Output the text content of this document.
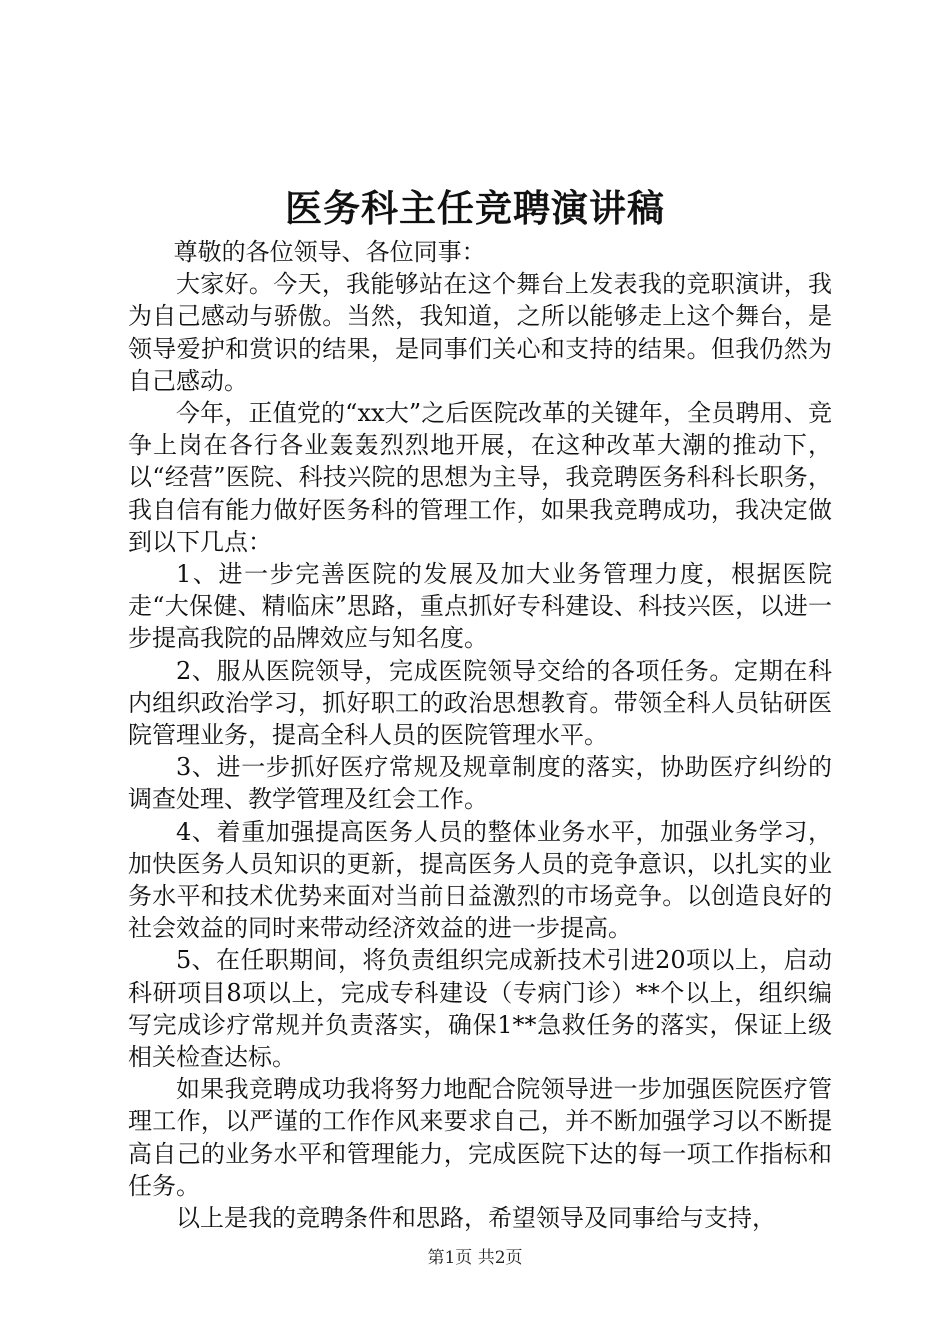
医务科主任竞聘演讲稿

尊敬的各位领导、各位同事：

大家好。今天，我能够站在这个舞台上发表我的竞职演讲，我为自己感动与骄傲。当然，我知道，之所以能够走上这个舞台，是领导爱护和赏识的结果，是同事们关心和支持的结果。但我仍然为自己感动。

今年，正值党的“xx大”之后医院改革的关键年，全员聘用、竞争上岗在各行各业轰轰烈烈地开展，在这种改革大潮的推动下，以“经营”医院、科技兴院的思想为主导，我竞聘医务科科长职务，我自信有能力做好医务科的管理工作，如果我竞聘成功，我决定做到以下几点：

1、进一步完善医院的发展及加大业务管理力度，根据医院走“大保健、精临床”思路，重点抓好专科建设、科技兴医，以进一步提高我院的品牌效应与知名度。

2、服从医院领导，完成医院领导交给的各项任务。定期在科内组织政治学习，抓好职工的政治思想教育。带领全科人员钻研医院管理业务，提高全科人员的医院管理水平。

3、进一步抓好医疗常规及规章制度的落实，协助医疗纠纷的调查处理、教学管理及红会工作。

4、着重加强提高医务人员的整体业务水平，加强业务学习，加快医务人员知识的更新，提高医务人员的竞争意识，以扎实的业务水平和技术优势来面对当前日益激烈的市场竞争。以创造良好的社会效益的同时来带动经济效益的进一步提高。

5、在任职期间，将负责组织完成新技术引进20项以上，启动科研项目8项以上，完成专科建设（专病门诊）**个以上，组织编写完成诊疗常规并负责落实，确保1**急救任务的落实，保证上级相关检查达标。

如果我竞聘成功我将努力地配合院领导进一步加强医院医疗管理工作，以严谨的工作作风来要求自己，并不断加强学习以不断提高自己的业务水平和管理能力，完成医院下达的每一项工作指标和任务。

以上是我的竞聘条件和思路，希望领导及同事给与支持，

第1页 共2页
